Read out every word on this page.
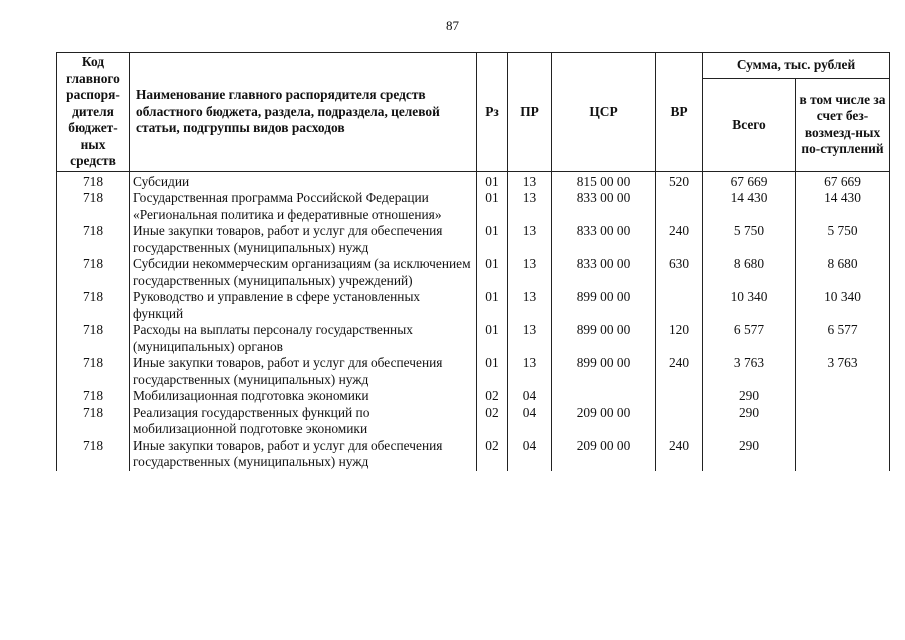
87
Код главного распоря-дителя бюджет-ных средств	Наименование главного распорядителя средств областного бюджета, раздела, подраздела, целевой статьи, подгруппы видов расходов	Рз	ПР	ЦСР	ВР	Сумма, тыс. рублей	
						Всего	в том числе за счет без-возмезд-ных по-ступлений
718	Субсидии	01	13	815 00 00	520	67 669	67 669
718	Государственная программа Российской Федерации «Региональная политика и федеративные отношения»	01	13	833 00 00		14 430	14 430
718	Иные закупки товаров, работ и услуг для обеспечения государственных (муниципальных) нужд	01	13	833 00 00	240	5 750	5 750
718	Субсидии некоммерческим организациям (за исключением государственных (муниципальных) учреждений)	01	13	833 00 00	630	8 680	8 680
718	Руководство и управление в сфере установленных функций	01	13	899 00 00		10 340	10 340
718	Расходы на выплаты персоналу государственных (муниципальных) органов	01	13	899 00 00	120	6 577	6 577
718	Иные закупки товаров, работ и услуг для обеспечения государственных (муниципальных) нужд	01	13	899 00 00	240	3 763	3 763
718	Мобилизационная подготовка экономики	02	04			290	
718	Реализация государственных функций по мобилизационной подготовке экономики	02	04	209 00 00		290	
718	Иные закупки товаров, работ и услуг для обеспечения государственных (муниципальных) нужд	02	04	209 00 00	240	290	
